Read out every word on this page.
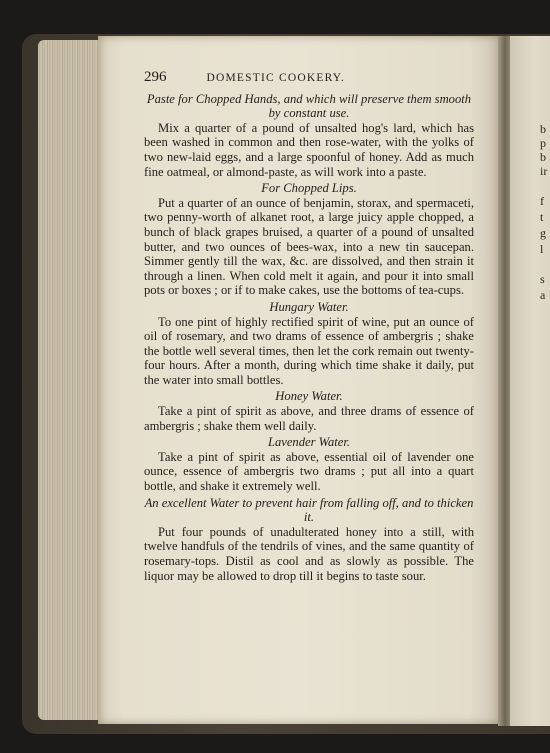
b
p
b
ir
f
t
g
l
s
a
296	DOMESTIC COOKERY.
Paste for Chopped Hands, and which will preserve them smooth by constant use.

Mix a quarter of a pound of unsalted hog's lard, which has been washed in common and then rose-water, with the yolks of two new-laid eggs, and a large spoonful of honey. Add as much fine oatmeal, or almond-paste, as will work into a paste.

For Chopped Lips.

Put a quarter of an ounce of benjamin, storax, and spermaceti, two penny-worth of alkanet root, a large juicy apple chopped, a bunch of black grapes bruised, a quarter of a pound of unsalted butter, and two ounces of bees-wax, into a new tin saucepan. Simmer gently till the wax, &c. are dissolved, and then strain it through a linen. When cold melt it again, and pour it into small pots or boxes ; or if to make cakes, use the bottoms of tea-cups.

Hungary Water.

To one pint of highly rectified spirit of wine, put an ounce of oil of rosemary, and two drams of essence of ambergris ; shake the bottle well several times, then let the cork remain out twenty-four hours. After a month, during which time shake it daily, put the water into small bottles.

Honey Water.

Take a pint of spirit as above, and three drams of essence of ambergris ; shake them well daily.

Lavender Water.

Take a pint of spirit as above, essential oil of lavender one ounce, essence of ambergris two drams ; put all into a quart bottle, and shake it extremely well.

An excellent Water to prevent hair from falling off, and to thicken it.

Put four pounds of unadulterated honey into a still, with twelve handfuls of the tendrils of vines, and the same quantity of rosemary-tops. Distil as cool and as slowly as possible. The liquor may be allowed to drop till it begins to taste sour.
